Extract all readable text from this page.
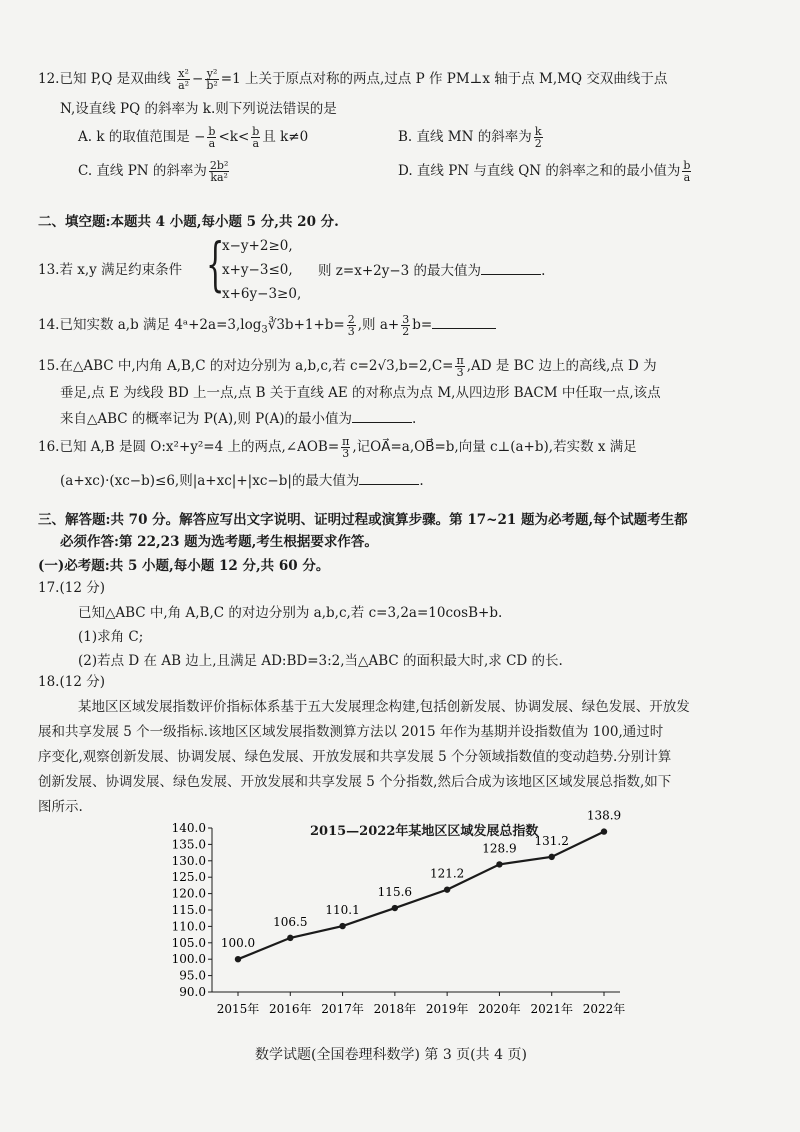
12.已知 P,Q 是双曲线 $\frac{\text{x²}}{\text{a²}} - \frac{\text{y²}}{\text{b²}} =1$ 上关于原点对称的两点,过点 P 作 PM⊥x 轴于点 M,MQ 交双曲线于点
N,设直线 PQ 的斜率为 k.则下列说法错误的是
A. k 的取值范围是 − $\frac{b}{a} <k< \frac{b}{a}$ 且 k≠0	B. 直线 MN 的斜率为 $\frac{k}{2}$
C. 直线 PN 的斜率为 $\frac{\text{2b²}}{\text{ka²}}$	D. 直线 PN 与直线 QN 的斜率之和的最小值为 $\frac{b}{a}$
二、填空题:本题共 4 小题,每小题 5 分,共 20 分.
13.若 x,y 满足约束条件 {
x−y+2≥0,
x+y−3≤0,
x+6y−3≥0,
则 z=x+2y−3 的最大值为	.
14.已知实数 a,b 满足 $4ᵃ+2a=3,\log_3∛3b+1+b= \frac{2}{3}$ ,则 $a+ \frac{3}{2} b=$
15.在△ABC 中,内角 A,B,C 的对边分别为 a,b,c,若 $c=2√3,b=2,C= \frac{\pi}{3} ,AD$ 是 BC 边上的高线,点 D 为
垂足,点 E 为线段 BD 上一点,点 B 关于直线 AE 的对称点为点 M,从四边形 BACM 中任取一点,该点
来自△ABC 的概率记为 P(A),则 P(A)的最小值为	.
16.已知 A,B 是圆 O:x²+y²=4 上的两点,∠AOB= $\frac{\pi}{3}$ ,记OA⃗=a,OB⃗=b,向量 c⊥(a+b),若实数 x 满足
(a+xc)·(xc−b)≤6,则|a+xc|+|xc−b|的最大值为	.
三、解答题:共 70 分。解答应写出文字说明、证明过程或演算步骤。第 17~21 题为必考题,每个试题考生都
必须作答:第 22,23 题为选考题,考生根据要求作答。
(一)必考题:共 5 小题,每小题 12 分,共 60 分。
17.(12 分)
已知△ABC 中,角 A,B,C 的对边分别为 a,b,c,若 c=3,2a=10cosB+b.
(1)求角 C;
(2)若点 D 在 AB 边上,且满足 AD:BD=3:2,当△ABC 的面积最大时,求 CD 的长.
18.(12 分)
某地区区域发展指数评价指标体系基于五大发展理念构建,包括创新发展、协调发展、绿色发展、开放发
展和共享发展 5 个一级指标.该地区区域发展指数测算方法以 2015 年作为基期并设指数值为 100,通过时
序变化,观察创新发展、协调发展、绿色发展、开放发展和共享发展 5 个分领域指数值的变动趋势.分别计算
创新发展、协调发展、绿色发展、开放发展和共享发展 5 个分指数,然后合成为该地区区域发展总指数,如下
图所示.
2015—2022年某地区区域发展总指数
90.0
95.0
100.0
105.0
110.0
115.0
120.0
125.0
130.0
135.0
140.0
2015年 2016年 2017年 2018年 2019年 2020年 2021年 2022年
100.0
106.5
110.1
115.6
121.2
128.9
131.2
138.9
数学试题(全国卷理科数学) 第 3 页(共 4 页)
